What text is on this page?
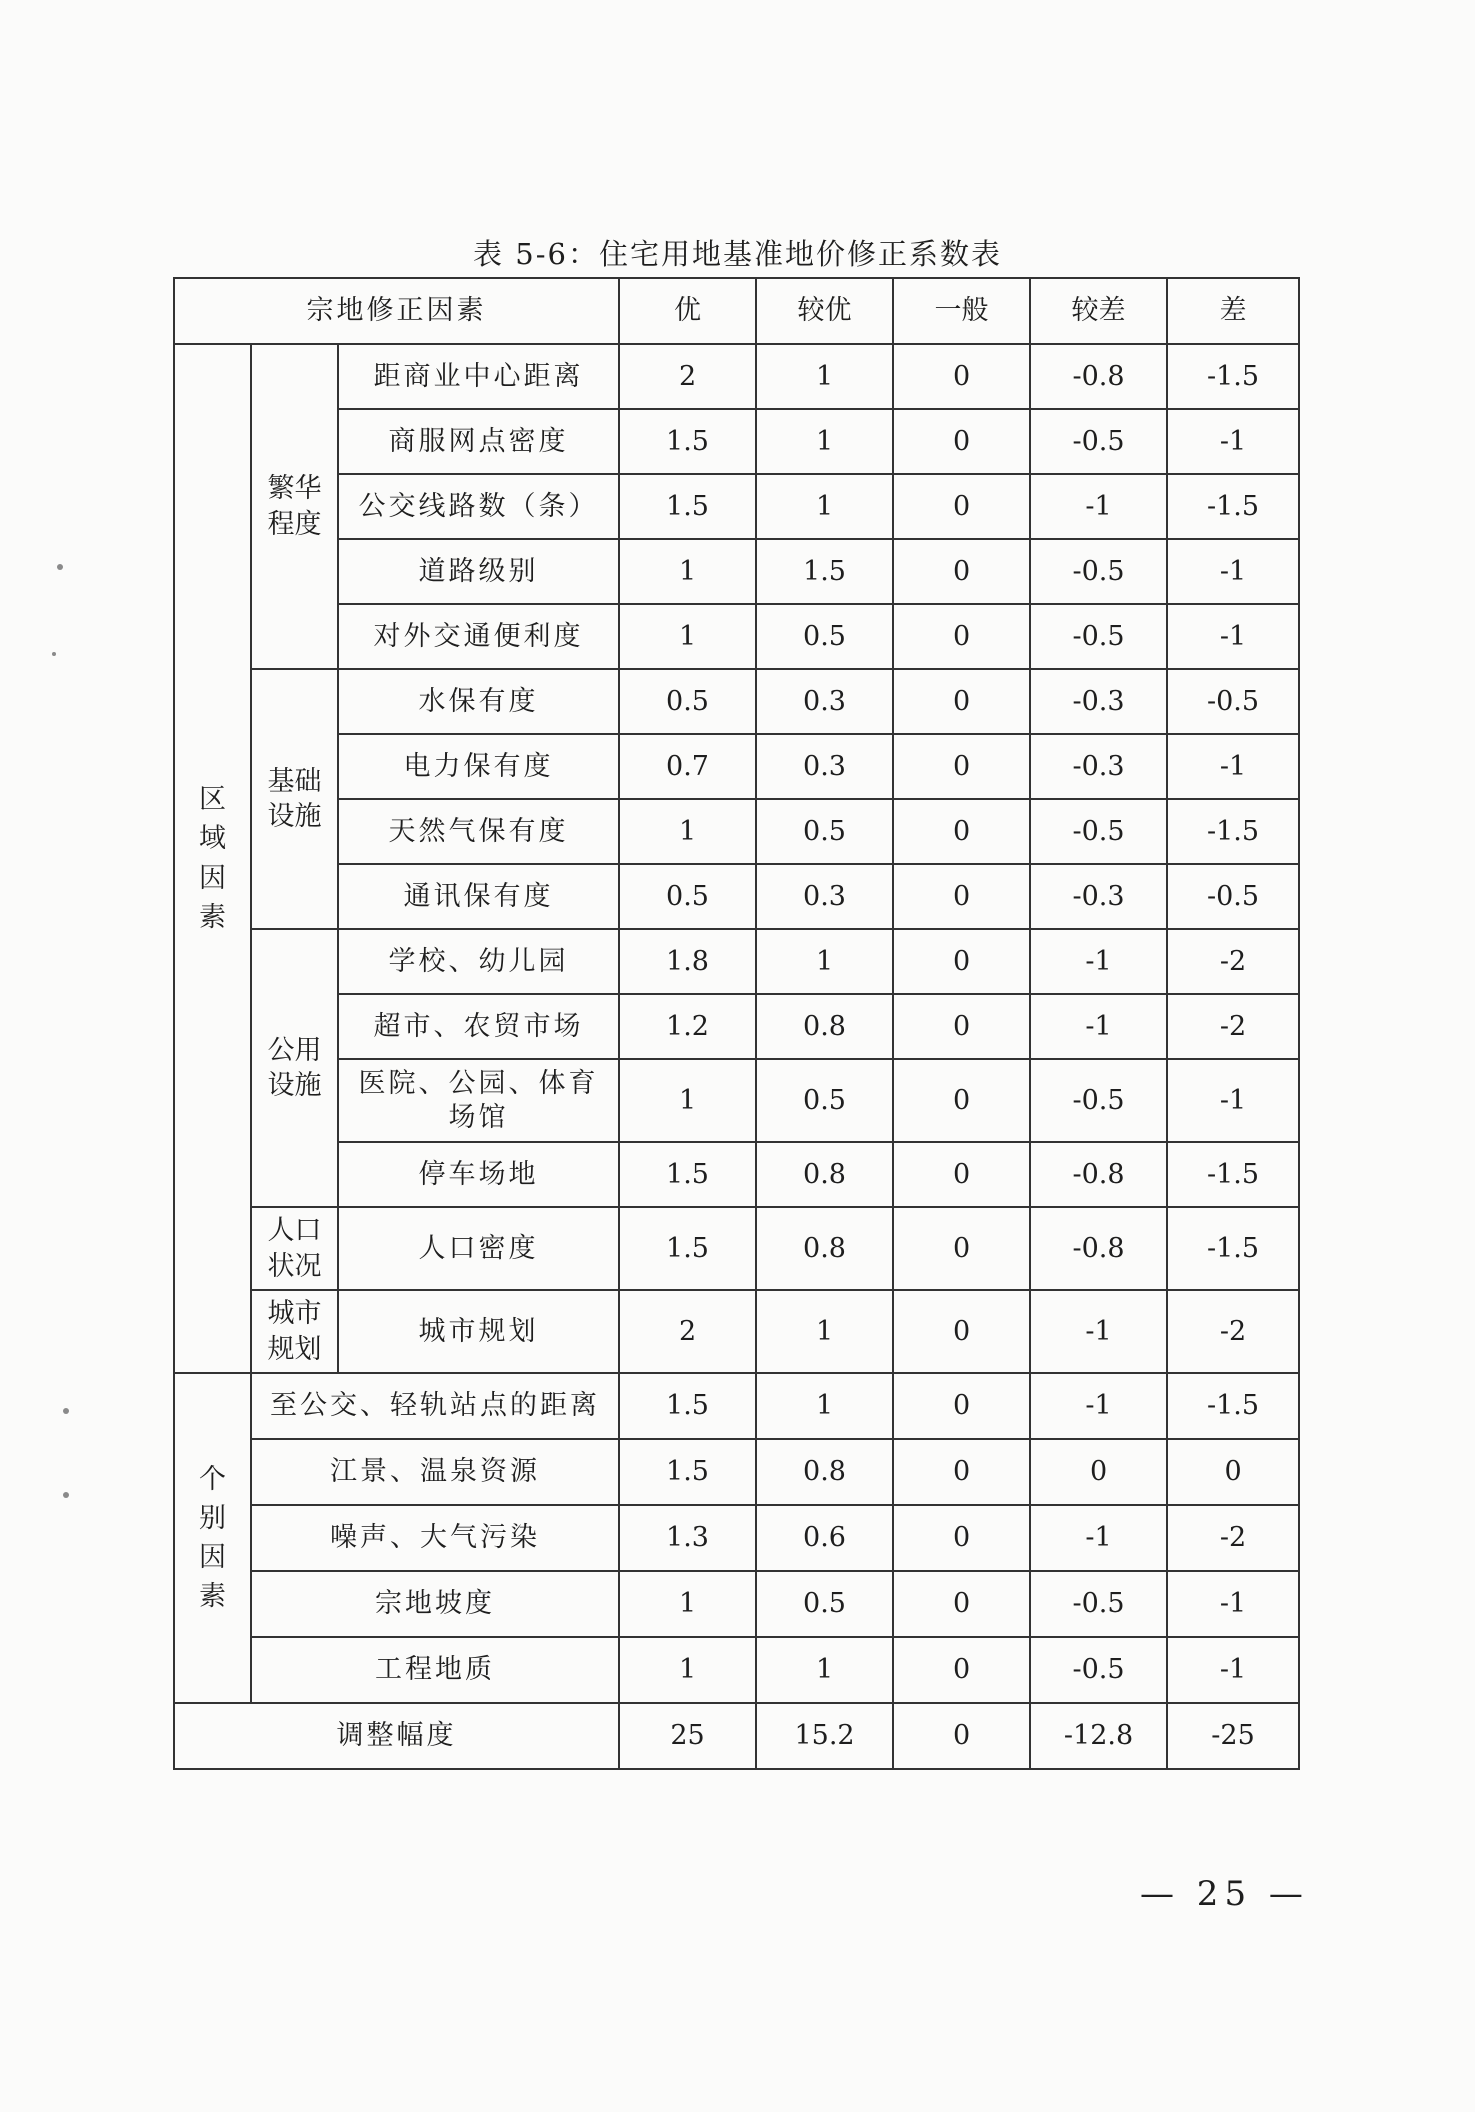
表 5-6：住宅用地基准地价修正系数表
宗地修正因素			优	较优	一般	较差	差

区域因素	繁华程度	距商业中心距离	2	1	0	-0.8	-1.5
		商服网点密度	1.5	1	0	-0.5	-1
		公交线路数（条）	1.5	1	0	-1	-1.5
		道路级别	1	1.5	0	-0.5	-1
		对外交通便利度	1	0.5	0	-0.5	-1

	基础设施	水保有度	0.5	0.3	0	-0.3	-0.5
		电力保有度	0.7	0.3	0	-0.3	-1
		天然气保有度	1	0.5	0	-0.5	-1.5
		通讯保有度	0.5	0.3	0	-0.3	-0.5

	公用设施	学校、幼儿园	1.8	1	0	-1	-2
		超市、农贸市场	1.2	0.8	0	-1	-2
		医院、公园、体育场馆	1	0.5	0	-0.5	-1
		停车场地	1.5	0.8	0	-0.8	-1.5

	人口状况	人口密度	1.5	0.8	0	-0.8	-1.5

	城市规划	城市规划	2	1	0	-1	-2

个别因素	至公交、轻轨站点的距离		1.5	1	0	-1	-1.5
	江景、温泉资源		1.5	0.8	0	0	0
	噪声、大气污染		1.3	0.6	0	-1	-2
	宗地坡度		1	0.5	0	-0.5	-1
	工程地质		1	1	0	-0.5	-1
调整幅度			25	15.2	0	-12.8	-25
— 25 —
